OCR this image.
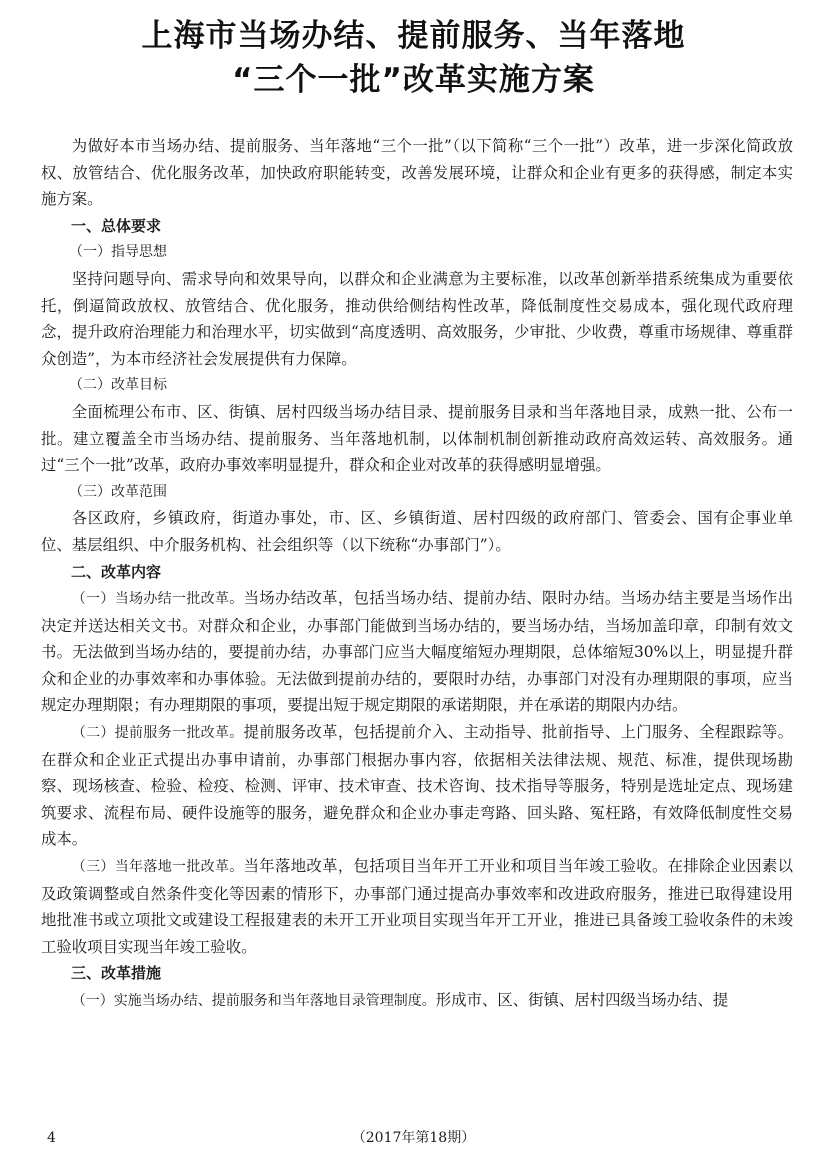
上海市当场办结、提前服务、当年落地
“三个一批”改革实施方案

为做好本市当场办结、提前服务、当年落地“三个一批”（以下简称“三个一批”）改革，进一步深化简政放权、放管结合、优化服务改革，加快政府职能转变，改善发展环境，让群众和企业有更多的获得感，制定本实施方案。

一、总体要求

（一）指导思想

坚持问题导向、需求导向和效果导向，以群众和企业满意为主要标准，以改革创新举措系统集成为重要依托，倒逼简政放权、放管结合、优化服务，推动供给侧结构性改革，降低制度性交易成本，强化现代政府理念，提升政府治理能力和治理水平，切实做到“高度透明、高效服务，少审批、少收费，尊重市场规律、尊重群众创造”，为本市经济社会发展提供有力保障。

（二）改革目标

全面梳理公布市、区、街镇、居村四级当场办结目录、提前服务目录和当年落地目录，成熟一批、公布一批。建立覆盖全市当场办结、提前服务、当年落地机制，以体制机制创新推动政府高效运转、高效服务。通过“三个一批”改革，政府办事效率明显提升，群众和企业对改革的获得感明显增强。

（三）改革范围

各区政府，乡镇政府，街道办事处，市、区、乡镇街道、居村四级的政府部门、管委会、国有企事业单位、基层组织、中介服务机构、社会组织等（以下统称“办事部门”）。

二、改革内容

（一）当场办结一批改革。当场办结改革，包括当场办结、提前办结、限时办结。当场办结主要是当场作出决定并送达相关文书。对群众和企业，办事部门能做到当场办结的，要当场办结，当场加盖印章，印制有效文书。无法做到当场办结的，要提前办结，办事部门应当大幅度缩短办理期限，总体缩短30%以上，明显提升群众和企业的办事效率和办事体验。无法做到提前办结的，要限时办结，办事部门对没有办理期限的事项，应当规定办理期限；有办理期限的事项，要提出短于规定期限的承诺期限，并在承诺的期限内办结。

（二）提前服务一批改革。提前服务改革，包括提前介入、主动指导、批前指导、上门服务、全程跟踪等。在群众和企业正式提出办事申请前，办事部门根据办事内容，依据相关法律法规、规范、标准，提供现场勘察、现场核查、检验、检疫、检测、评审、技术审查、技术咨询、技术指导等服务，特别是选址定点、现场建筑要求、流程布局、硬件设施等的服务，避免群众和企业办事走弯路、回头路、冤枉路，有效降低制度性交易成本。

（三）当年落地一批改革。当年落地改革，包括项目当年开工开业和项目当年竣工验收。在排除企业因素以及政策调整或自然条件变化等因素的情形下，办事部门通过提高办事效率和改进政府服务，推进已取得建设用地批准书或立项批文或建设工程报建表的未开工开业项目实现当年开工开业，推进已具备竣工验收条件的未竣工验收项目实现当年竣工验收。

三、改革措施

（一）实施当场办结、提前服务和当年落地目录管理制度。形成市、区、街镇、居村四级当场办结、提

4	（2017年第18期）
